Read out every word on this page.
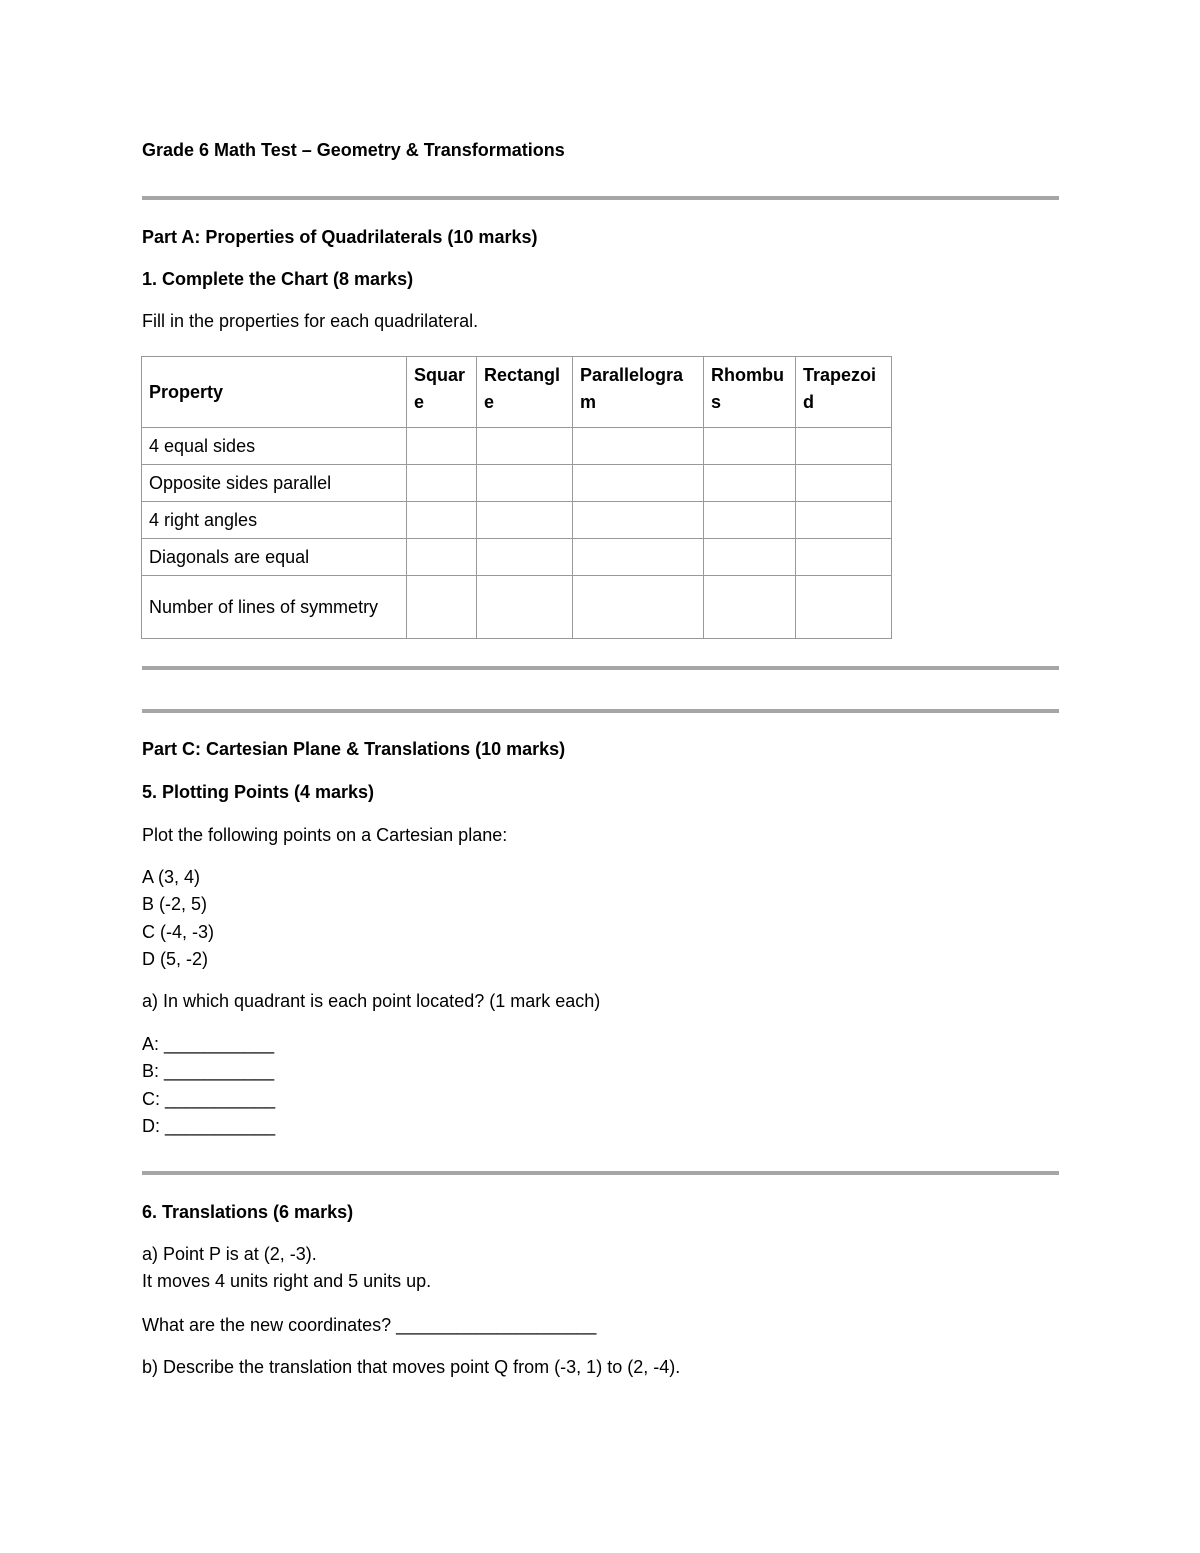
Grade 6 Math Test – Geometry & Transformations
Part A: Properties of Quadrilaterals (10 marks)
1. Complete the Chart (8 marks)
Fill in the properties for each quadrilateral.
Property	Square	Rectangle	Parallelogram	Rhombus	Trapezoid
4 equal sides					
Opposite sides parallel					
4 right angles					
Diagonals are equal					
Number of lines of symmetry					
Part C: Cartesian Plane & Translations (10 marks)
5. Plotting Points (4 marks)
Plot the following points on a Cartesian plane:
A (3, 4)
B (-2, 5)
C (-4, -3)
D (5, -2)
a) In which quadrant is each point located? (1 mark each)
A: ___________
B: ___________
C: ___________
D: ___________
6. Translations (6 marks)
a) Point P is at (2, -3).
It moves 4 units right and 5 units up.
What are the new coordinates? ____________________
b) Describe the translation that moves point Q from (-3, 1) to (2, -4).
